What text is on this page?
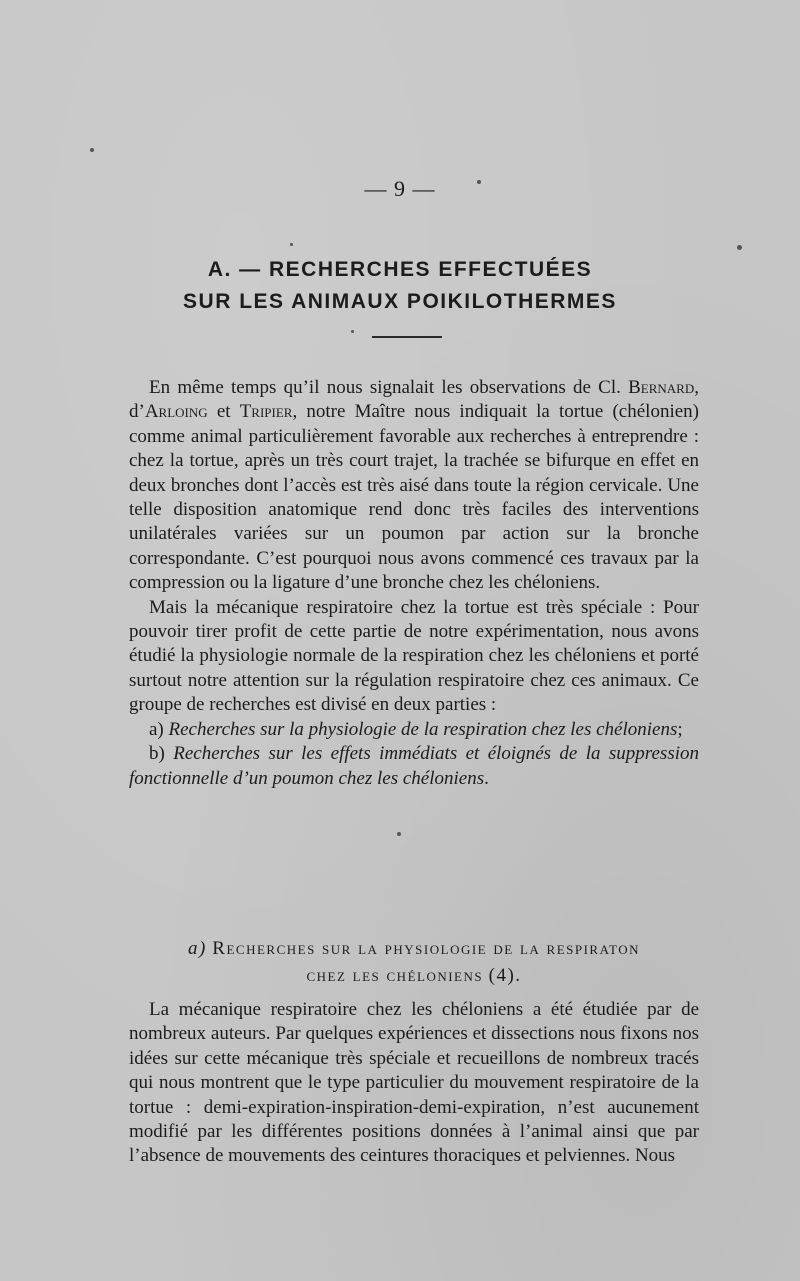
— 9 —
A. — RECHERCHES EFFECTUÉES
SUR LES ANIMAUX POIKILOTHERMES

En même temps qu’il nous signalait les observations de Cl. Bernard, d’Arloing et Tripier, notre Maître nous indiquait la tortue (chélonien) comme animal particulièrement favorable aux recherches à entreprendre : chez la tortue, après un très court trajet, la trachée se bifurque en effet en deux bronches dont l’accès est très aisé dans toute la région cervicale. Une telle disposition anatomique rend donc très faciles des interventions unilatérales variées sur un poumon par action sur la bronche correspondante. C’est pourquoi nous avons commencé ces travaux par la compression ou la ligature d’une bronche chez les chéloniens.

Mais la mécanique respiratoire chez la tortue est très spéciale : Pour pouvoir tirer profit de cette partie de notre expérimentation, nous avons étudié la physiologie normale de la respiration chez les chéloniens et porté surtout notre attention sur la régulation respiratoire chez ces animaux. Ce groupe de recherches est divisé en deux parties :

a) Recherches sur la physiologie de la respiration chez les chéloniens;

b) Recherches sur les effets immédiats et éloignés de la suppression fonctionnelle d’un poumon chez les chéloniens.

a) Recherches sur la physiologie de la respiraton
chez les chéloniens (4).

La mécanique respiratoire chez les chéloniens a été étudiée par de nombreux auteurs. Par quelques expériences et dissections nous fixons nos idées sur cette mécanique très spéciale et recueillons de nombreux tracés qui nous montrent que le type particulier du mouvement respiratoire de la tortue : demi-expiration-inspiration-demi-expiration, n’est aucunement modifié par les différentes positions données à l’animal ainsi que par l’absence de mouvements des ceintures thoraciques et pelviennes. Nous
